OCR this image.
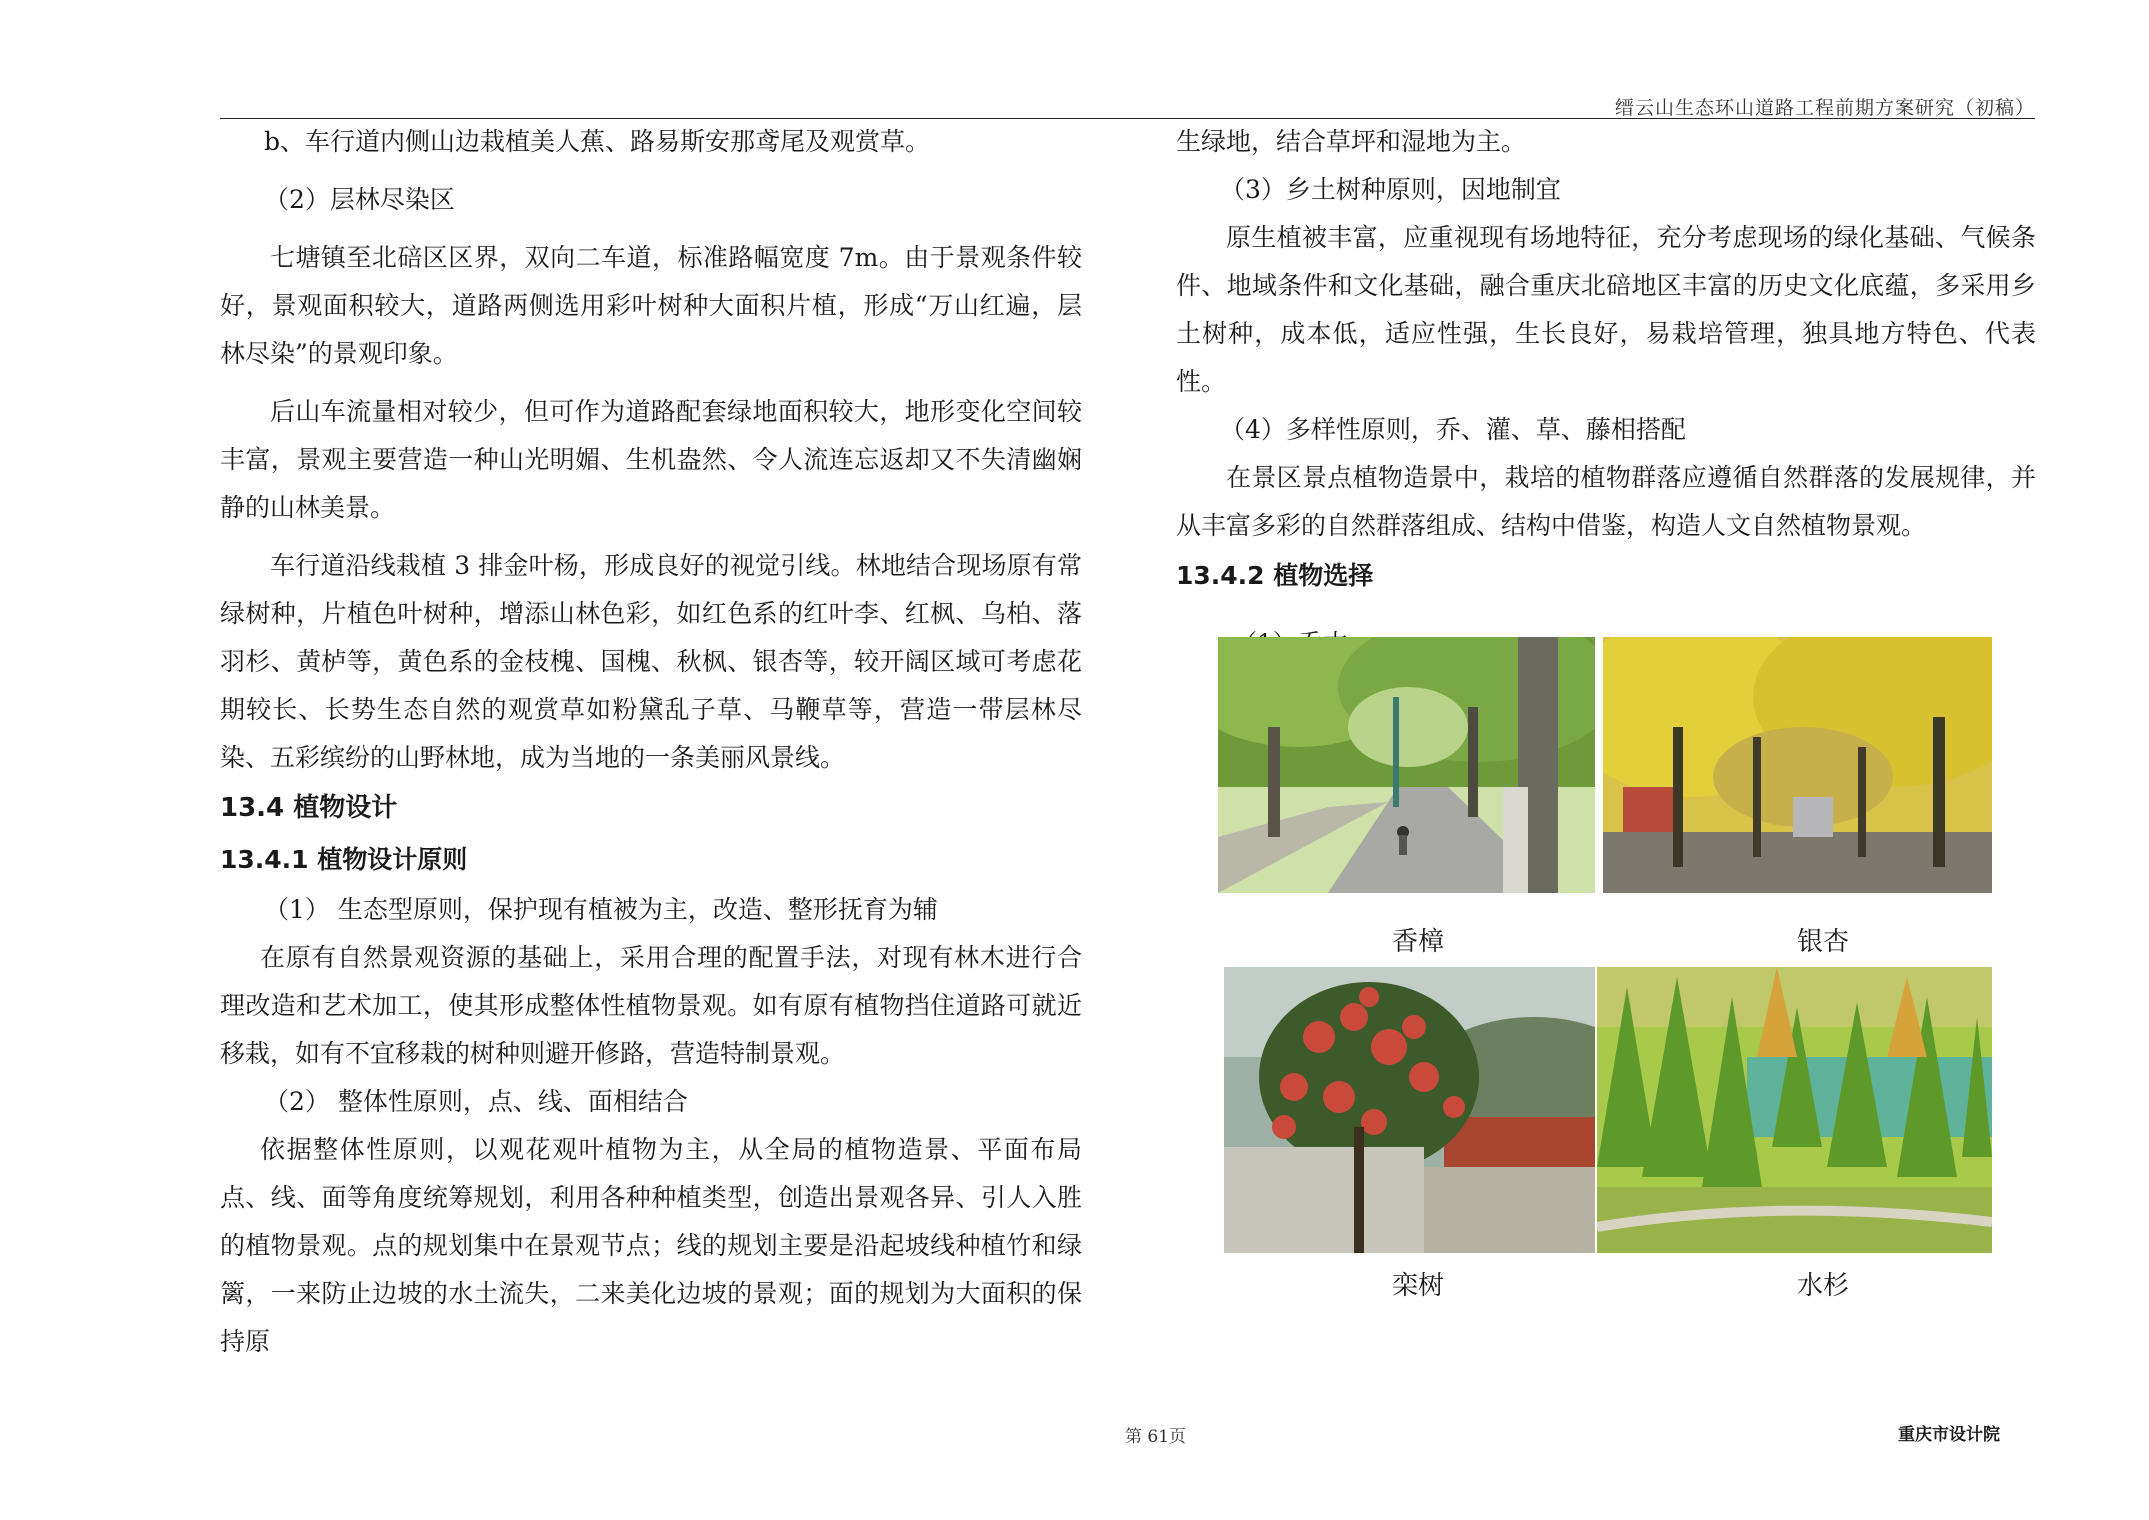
缙云山生态环山道路工程前期方案研究（初稿）

b、车行道内侧山边栽植美人蕉、路易斯安那鸢尾及观赏草。

（2）层林尽染区

七塘镇至北碚区区界，双向二车道，标准路幅宽度 7m。由于景观条件较好，景观面积较大，道路两侧选用彩叶树种大面积片植，形成“万山红遍，层林尽染”的景观印象。

后山车流量相对较少，但可作为道路配套绿地面积较大，地形变化空间较丰富，景观主要营造一种山光明媚、生机盎然、令人流连忘返却又不失清幽娴静的山林美景。

车行道沿线栽植 3 排金叶杨，形成良好的视觉引线。林地结合现场原有常绿树种，片植色叶树种，增添山林色彩，如红色系的红叶李、红枫、乌柏、落羽杉、黄栌等，黄色系的金枝槐、国槐、秋枫、银杏等，较开阔区域可考虑花期较长、长势生态自然的观赏草如粉黛乱子草、马鞭草等，营造一带层林尽染、五彩缤纷的山野林地，成为当地的一条美丽风景线。

13.4 植物设计
13.4.1 植物设计原则

（1） 生态型原则，保护现有植被为主，改造、整形抚育为辅

在原有自然景观资源的基础上，采用合理的配置手法，对现有林木进行合理改造和艺术加工，使其形成整体性植物景观。如有原有植物挡住道路可就近移栽，如有不宜移栽的树种则避开修路，营造特制景观。

（2） 整体性原则，点、线、面相结合

依据整体性原则，以观花观叶植物为主，从全局的植物造景、平面布局点、线、面等角度统筹规划，利用各种种植类型，创造出景观各异、引人入胜的植物景观。点的规划集中在景观节点；线的规划主要是沿起坡线种植竹和绿篱，一来防止边坡的水土流失，二来美化边坡的景观；面的规划为大面积的保持原

生绿地，结合草坪和湿地为主。

（3）乡土树种原则，因地制宜

原生植被丰富，应重视现有场地特征，充分考虑现场的绿化基础、气候条件、地域条件和文化基础，融合重庆北碚地区丰富的历史文化底蕴，多采用乡土树种，成本低，适应性强，生长良好，易栽培管理，独具地方特色、代表性。

（4）多样性原则，乔、灌、草、藤相搭配

在景区景点植物造景中，栽培的植物群落应遵循自然群落的发展规律，并从丰富多彩的自然群落组成、结构中借鉴，构造人文自然植物景观。

13.4.2 植物选择

香樟	银杏
栾树	水杉
第 61页	重庆市设计院
